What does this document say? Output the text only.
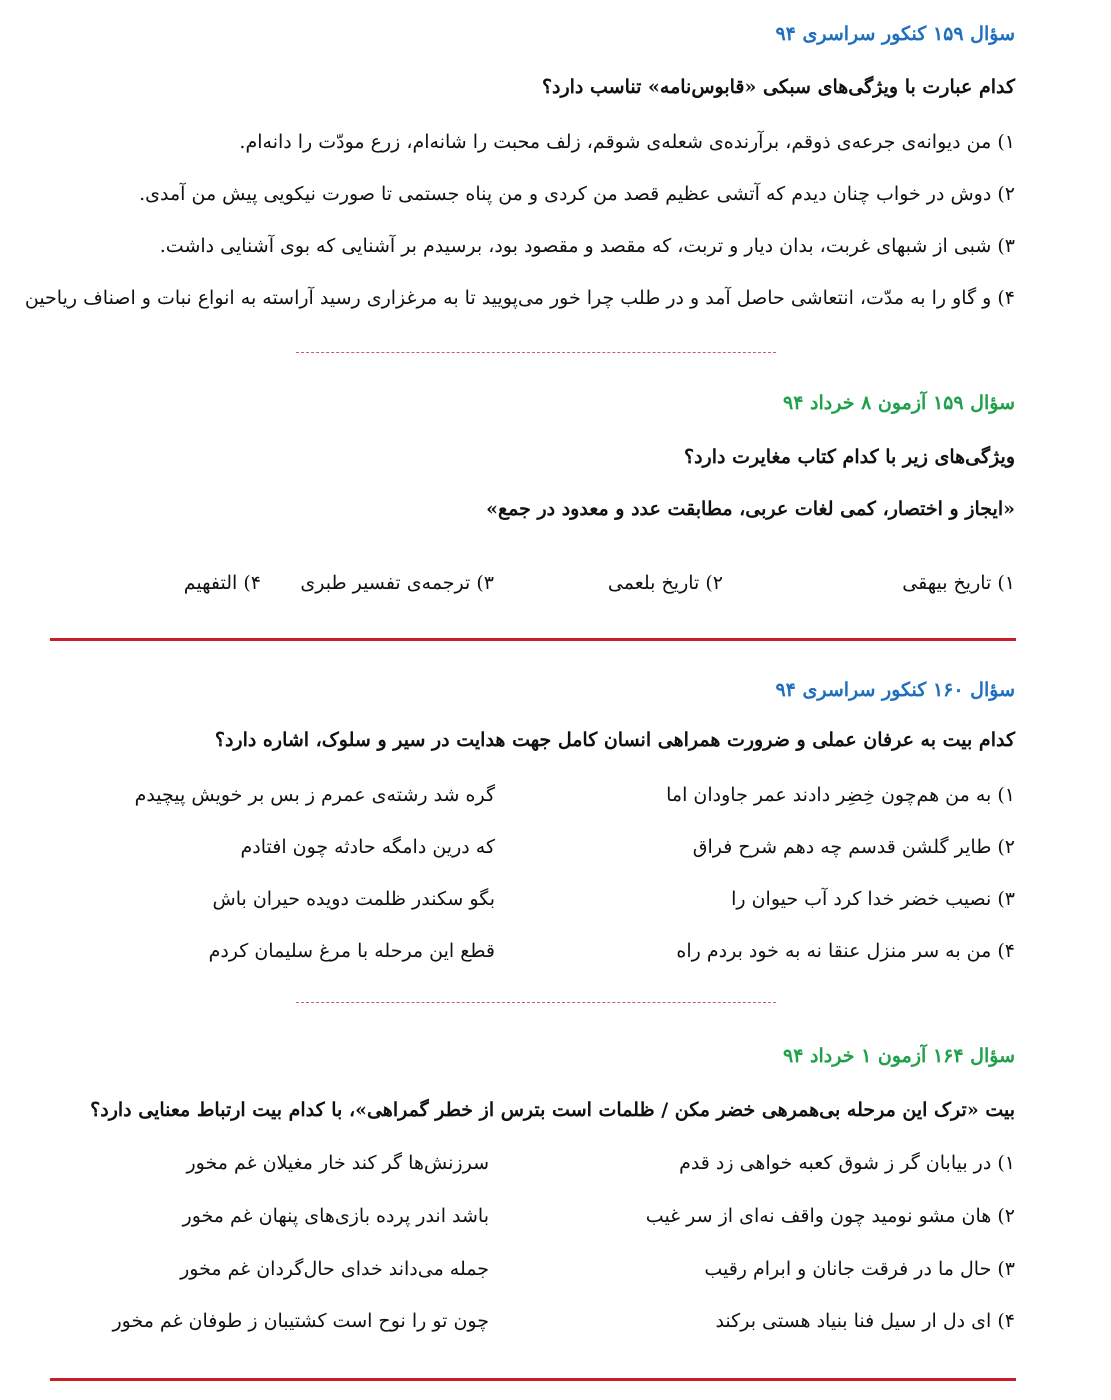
سؤال ۱۵۹ کنکور سراسری ۹۴
کدام عبارت با ویژگی‌های سبکی «قابوس‌نامه» تناسب دارد؟
۱) من دیوانه‌ی جرعه‌ی ذوقم، برآرنده‌ی شعله‌ی شوقم، زلف محبت را شانه‌ام، زرع مودّت را دانه‌ام.
۲) دوش در خواب چنان دیدم که آتشی عظیم قصد من کردی و من پناه جستمی تا صورت نیکویی پیش من آمدی.
۳) شبی از شبهای غربت، بدان دیار و تربت، که مقصد و مقصود بود، برسیدم بر آشنایی که بوی آشنایی داشت.
۴) و گاو را به مدّت، انتعاشی حاصل آمد و در طلب چرا خور می‌پویید تا به مرغزاری رسید آراسته به انواع نبات و اصناف ریاحین
سؤال ۱۵۹ آزمون ۸ خرداد ۹۴
ویژگی‌های زیر با کدام کتاب مغایرت دارد؟
«ایجاز و اختصار، کمی لغات عربی، مطابقت عدد و معدود در جمع»
۱) تاریخ بیهقی
۲) تاریخ بلعمی
۳) ترجمه‌ی تفسیر طبری
۴) التفهیم
سؤال ۱۶۰ کنکور سراسری ۹۴
کدام بیت به عرفان عملی و ضرورت همراهی انسان کامل جهت هدایت در سیر و سلوک، اشاره دارد؟
۱) به من هم‌چون خِضِر دادند عمر جاودان اما
گره شد رشته‌ی عمرم ز بس بر خویش پیچیدم
۲) طایر گلشن قدسم چه دهم شرح فراق
که درین دامگه حادثه چون افتادم
۳) نصیب خضر خدا کرد آب حیوان را
بگو سکندر ظلمت دویده حیران باش
۴) من به سر منزل عنقا نه به خود بردم راه
قطع این مرحله با مرغ سلیمان کردم
سؤال ۱۶۴ آزمون ۱ خرداد ۹۴
بیت «ترک این مرحله بی‌همرهی خضر مکن / ظلمات است بترس از خطر گمراهی»، با کدام بیت ارتباط معنایی دارد؟
۱) در بیابان گر ز شوق کعبه خواهی زد قدم
سرزنش‌ها گر کند خار مغیلان غم مخور
۲) هان مشو نومید چون واقف نه‌ای از سر غیب
باشد اندر پرده بازی‌های پنهان غم مخور
۳) حال ما در فرقت جانان و ابرام رقیب
جمله می‌داند خدای حال‌گردان غم مخور
۴) ای دل ار سیل فنا بنیاد هستی برکند
چون تو را نوح است کشتیبان ز طوفان غم مخور
